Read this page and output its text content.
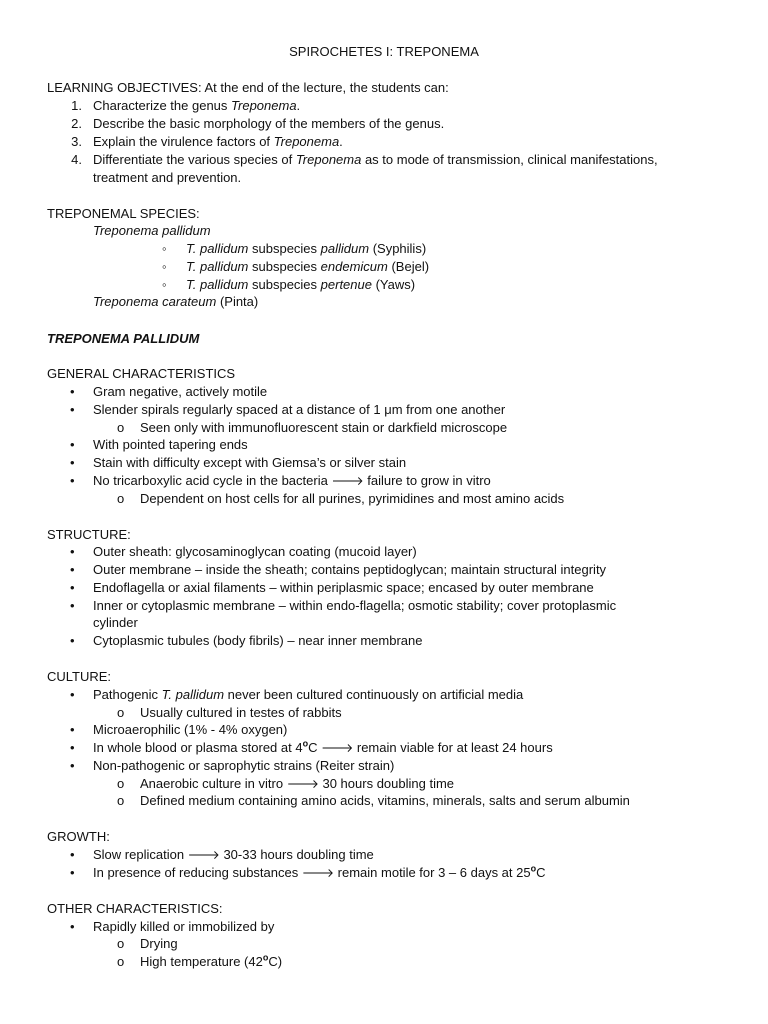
SPIROCHETES I: TREPONEMA
LEARNING OBJECTIVES: At the end of the lecture, the students can:
1. Characterize the genus Treponema.
2. Describe the basic morphology of the members of the genus.
3. Explain the virulence factors of Treponema.
4. Differentiate the various species of Treponema as to mode of transmission, clinical manifestations,
treatment and prevention.
TREPONEMAL SPECIES:
Treponema pallidum
◦ T. pallidum subspecies pallidum (Syphilis)
◦ T. pallidum subspecies endemicum (Bejel)
◦ T. pallidum subspecies pertenue (Yaws)
Treponema carateum (Pinta)
TREPONEMA PALLIDUM
GENERAL CHARACTERISTICS
• Gram negative, actively motile
• Slender spirals regularly spaced at a distance of 1 μm from one another
o Seen only with immunofluorescent stain or darkfield microscope
• With pointed tapering ends
• Stain with difficulty except with Giemsa’s or silver stain
• No tricarboxylic acid cycle in the bacteria 🡒 failure to grow in vitro
o Dependent on host cells for all purines, pyrimidines and most amino acids
STRUCTURE:
• Outer sheath: glycosaminoglycan coating (mucoid layer)
• Outer membrane – inside the sheath; contains peptidoglycan; maintain structural integrity
• Endoflagella or axial filaments – within periplasmic space; encased by outer membrane
• Inner or cytoplasmic membrane – within endo-flagella; osmotic stability; cover protoplasmic
cylinder
• Cytoplasmic tubules (body fibrils) – near inner membrane
CULTURE:
• Pathogenic T. pallidum never been cultured continuously on artificial media
o Usually cultured in testes of rabbits
• Microaerophilic (1% - 4% oxygen)
• In whole blood or plasma stored at 4$^o$C 🡒 remain viable for at least 24 hours
• Non-pathogenic or saprophytic strains (Reiter strain)
o Anaerobic culture in vitro 🡒 30 hours doubling time
o Defined medium containing amino acids, vitamins, minerals, salts and serum albumin
GROWTH:
• Slow replication 🡒 30-33 hours doubling time
• In presence of reducing substances 🡒 remain motile for 3 – 6 days at 25$^o$C
OTHER CHARACTERISTICS:
• Rapidly killed or immobilized by
o Drying
o High temperature (42$^o$C)
